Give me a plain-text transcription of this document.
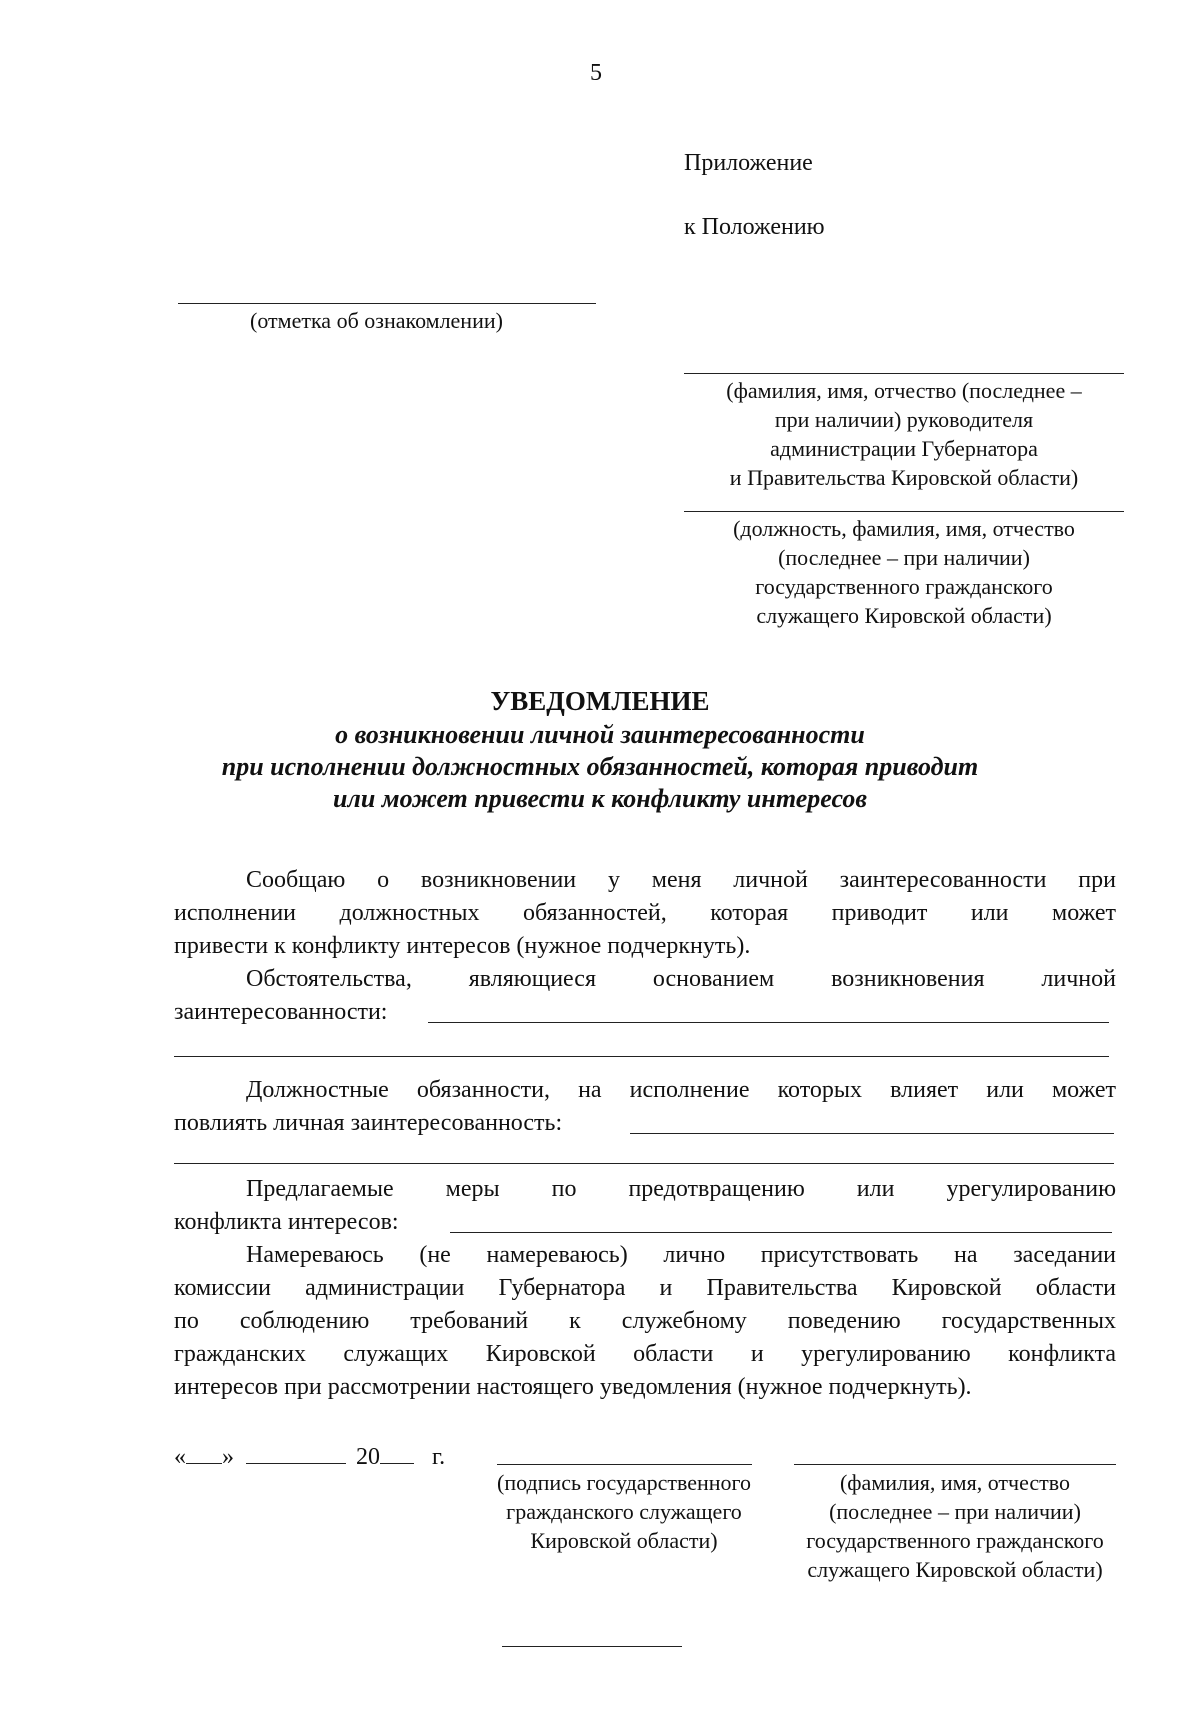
5
Приложение
к Положению
(отметка об ознакомлении)
(фамилия, имя, отчество (последнее –
при наличии) руководителя
администрации Губернатора
и Правительства Кировской области)
(должность, фамилия, имя, отчество
(последнее – при наличии)
государственного гражданского
служащего Кировской области)
УВЕДОМЛЕНИЕ
о возникновении личной заинтересованности
при исполнении должностных обязанностей, которая приводит
или может привести к конфликту интересов
Сообщаю о возникновении у меня личной заинтересованности при
исполнении должностных обязанностей, которая приводит или может
привести к конфликту интересов (нужное подчеркнуть).
Обстоятельства, являющиеся основанием возникновения личной
заинтересованности:
Должностные обязанности, на исполнение которых влияет или может
повлиять личная заинтересованность:
Предлагаемые меры по предотвращению или урегулированию
конфликта интересов:
Намереваюсь (не намереваюсь) лично присутствовать на заседании
комиссии администрации Губернатора и Правительства Кировской области
по соблюдению требований к служебному поведению государственных
гражданских служащих Кировской области и урегулированию конфликта
интересов при рассмотрении настоящего уведомления (нужное подчеркнуть).
« »	20 г.
(подпись государственного
гражданского служащего
Кировской области)
(фамилия, имя, отчество
(последнее – при наличии)
государственного гражданского
служащего Кировской области)
